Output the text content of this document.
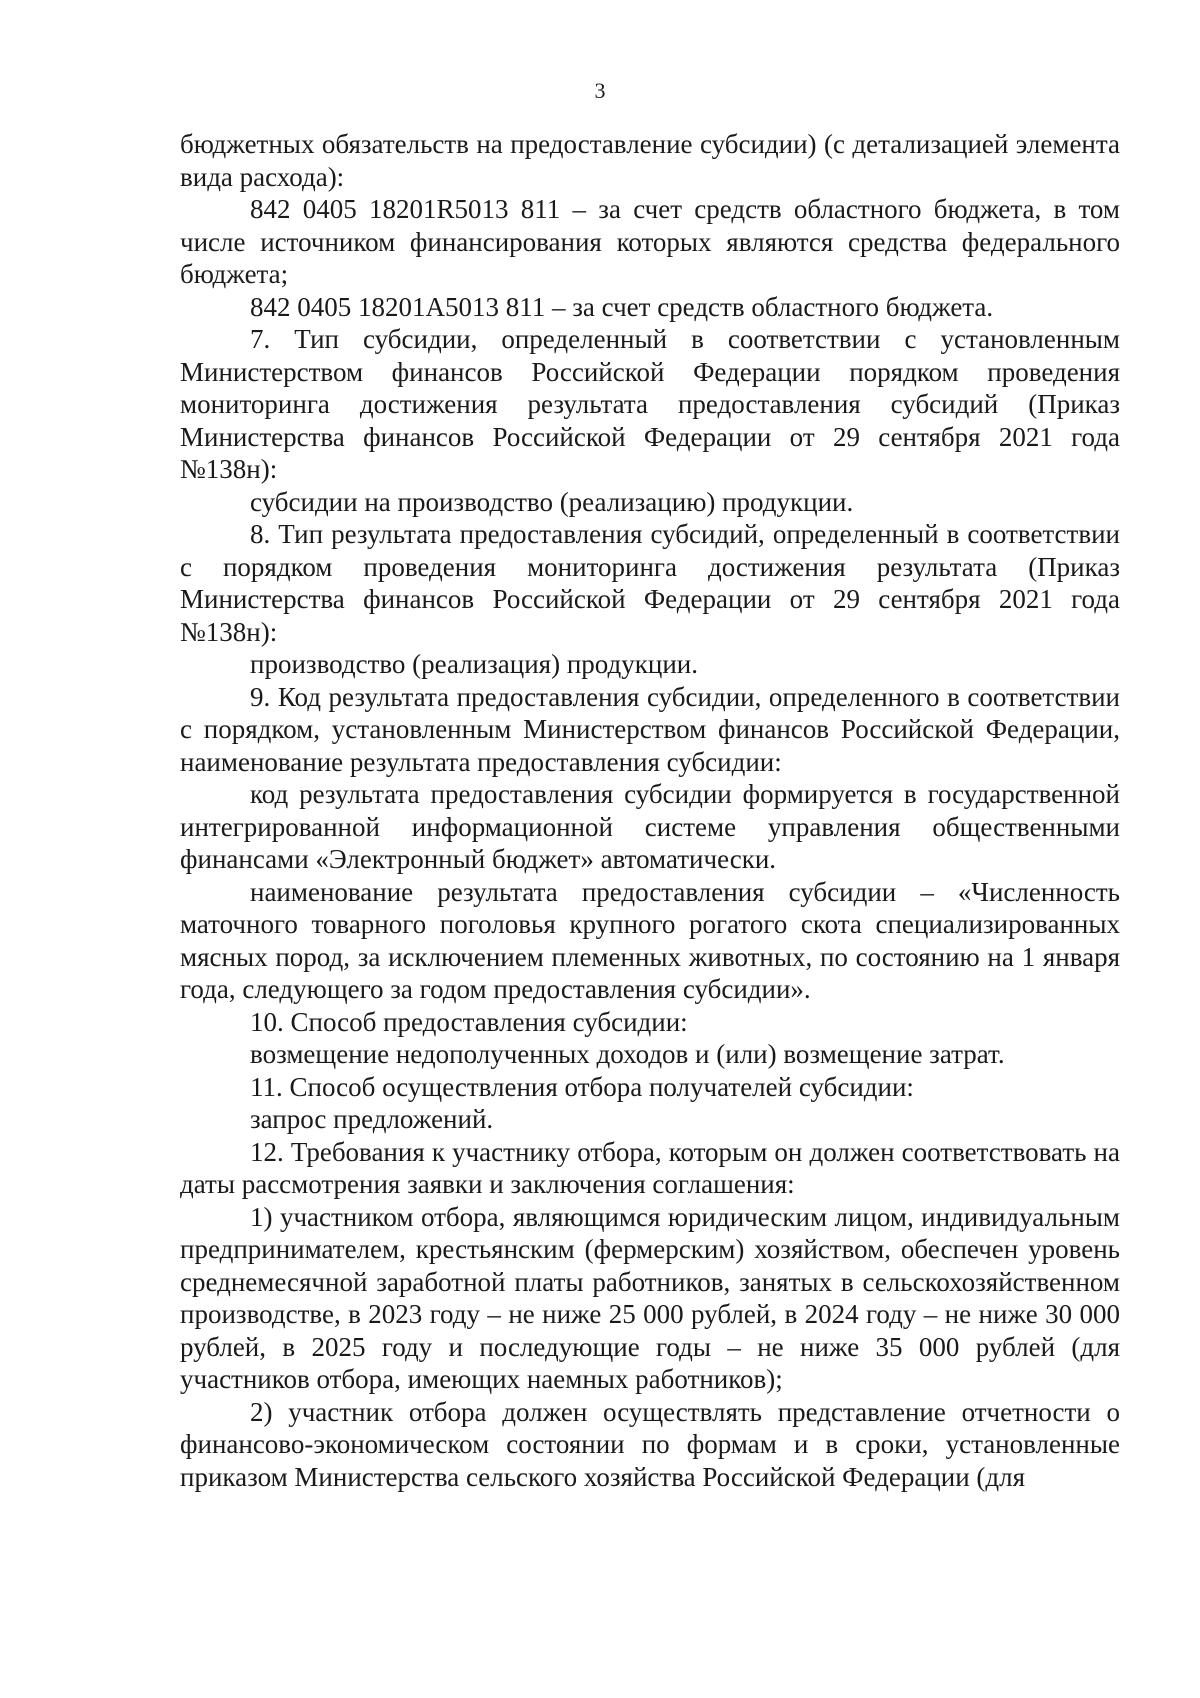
3

бюджетных обязательств на предоставление субсидии) (с детализацией элемента вида расхода):

842 0405 18201R5013 811 – за счет средств областного бюджета, в том числе источником финансирования которых являются средства федерального бюджета;

842 0405 18201A5013 811 – за счет средств областного бюджета.

7. Тип субсидии, определенный в соответствии с установленным Министерством финансов Российской Федерации порядком проведения мониторинга достижения результата предоставления субсидий (Приказ Министерства финансов Российской Федерации от 29 сентября 2021 года №138н):

субсидии на производство (реализацию) продукции.

8. Тип результата предоставления субсидий, определенный в соответствии с порядком проведения мониторинга достижения результата (Приказ Министерства финансов Российской Федерации от 29 сентября 2021 года №138н):

производство (реализация) продукции.

9. Код результата предоставления субсидии, определенного в соответствии с порядком, установленным Министерством финансов Российской Федерации, наименование результата предоставления субсидии:

код результата предоставления субсидии формируется в государственной интегрированной информационной системе управления общественными финансами «Электронный бюджет» автоматически.

наименование результата предоставления субсидии – «Численность маточного товарного поголовья крупного рогатого скота специализированных мясных пород, за исключением племенных животных, по состоянию на 1 января года, следующего за годом предоставления субсидии».

10. Способ предоставления субсидии:

возмещение недополученных доходов и (или) возмещение затрат.

11. Способ осуществления отбора получателей субсидии:

запрос предложений.

12. Требования к участнику отбора, которым он должен соответствовать на даты рассмотрения заявки и заключения соглашения:

1) участником отбора, являющимся юридическим лицом, индивидуальным предпринимателем, крестьянским (фермерским) хозяйством, обеспечен уровень среднемесячной заработной платы работников, занятых в сельскохозяйственном производстве, в 2023 году – не ниже 25 000 рублей, в 2024 году – не ниже 30 000 рублей, в 2025 году и последующие годы – не ниже 35 000 рублей (для участников отбора, имеющих наемных работников);

2) участник отбора должен осуществлять представление отчетности о финансово-экономическом состоянии по формам и в сроки, установленные приказом Министерства сельского хозяйства Российской Федерации (для
